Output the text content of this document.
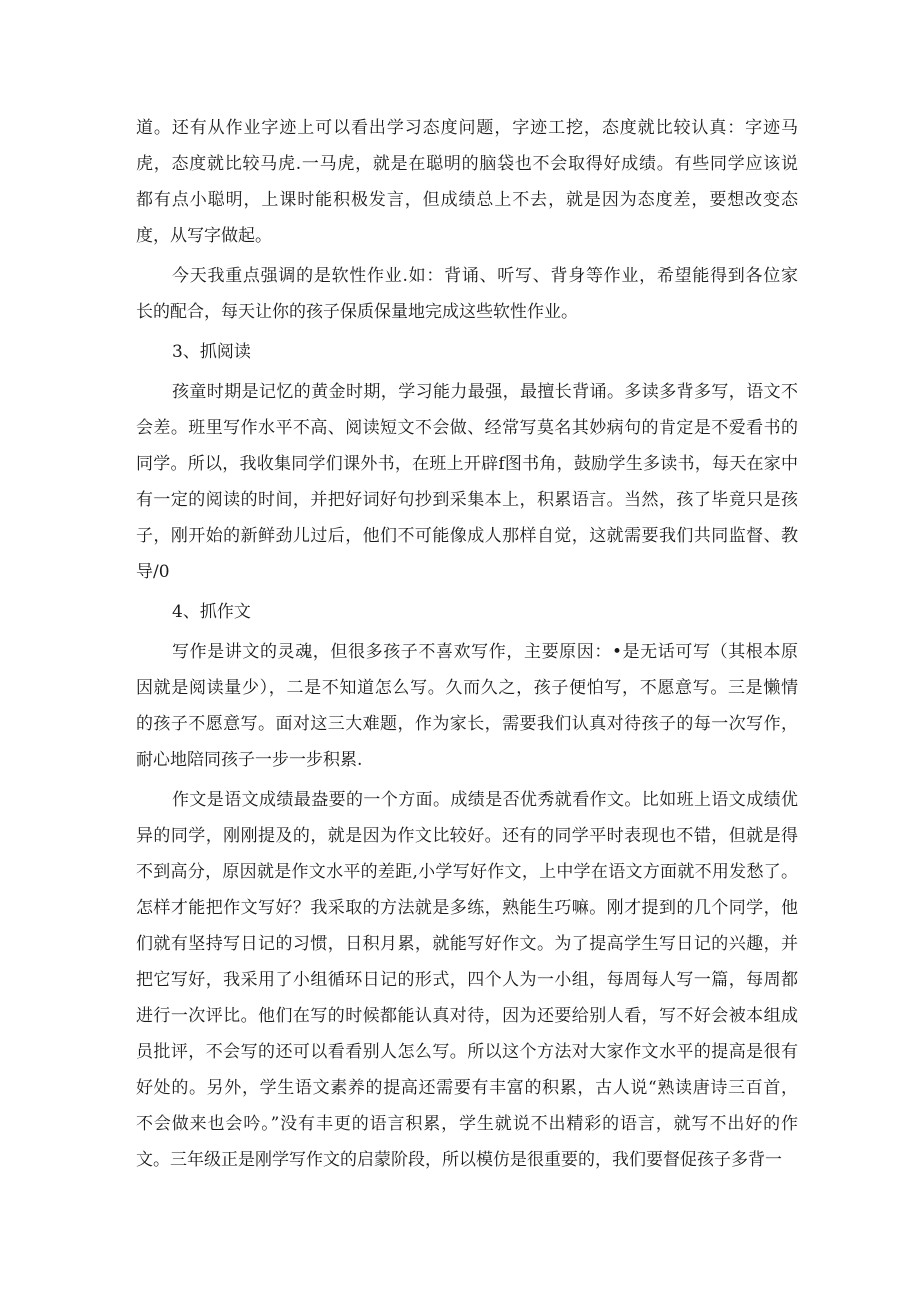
道。还有从作业字迹上可以看出学习态度问题，字迹工挖，态度就比较认真：字迹马
虎，态度就比较马虎.一马虎，就是在聪明的脑袋也不会取得好成绩。有些同学应该说
都有点小聪明，上课时能积极发言，但成绩总上不去，就是因为态度差，要想改变态
度，从写字做起。
今天我重点强调的是软性作业.如：背诵、听写、背身等作业，希望能得到各位家
长的配合，每天让你的孩子保质保量地完成这些软性作业。
3、抓阅读
孩童时期是记忆的黄金时期，学习能力最强，最擅长背诵。多读多背多写，语文不
会差。班里写作水平不高、阅读短文不会做、经常写莫名其妙病句的肯定是不爱看书的
同学。所以，我收集同学们课外书，在班上开辟f图书角，鼓励学生多读书，每天在家中
有一定的阅读的时间，并把好词好句抄到采集本上，积累语言。当然，孩了毕竟只是孩
子，刚开始的新鲜劲儿过后，他们不可能像成人那样自觉，这就需要我们共同监督、教
导/0
4、抓作文
写作是讲文的灵魂，但很多孩子不喜欢写作，主要原因：•是无话可写（其根本原
因就是阅读量少），二是不知道怎么写。久而久之，孩子便怕写，不愿意写。三是懒情
的孩子不愿意写。面对这三大难题，作为家长，需要我们认真对待孩子的每一次写作，
耐心地陪同孩子一步一步积累.
作文是语文成绩最盎要的一个方面。成绩是否优秀就看作文。比如班上语文成绩优
异的同学，刚刚提及的，就是因为作文比较好。还有的同学平时表现也不错，但就是得
不到高分，原因就是作文水平的差距,小学写好作文，上中学在语文方面就不用发愁了。
怎样才能把作文写好？我采取的方法就是多练，熟能生巧嘛。刚才提到的几个同学，他
们就有坚持写日记的习惯，日积月累，就能写好作文。为了提高学生写日记的兴趣，并
把它写好，我采用了小组循环日记的形式，四个人为一小组，每周每人写一篇，每周都
进行一次评比。他们在写的时候都能认真对待，因为还要给别人看，写不好会被本组成
员批评，不会写的还可以看看别人怎么写。所以这个方法对大家作文水平的提高是很有
好处的。另外，学生语文素养的提高还需要有丰富的积累，古人说“熟读唐诗三百首，
不会做来也会吟。”没有丰更的语言积累，学生就说不出精彩的语言，就写不出好的作
文。三年级正是刚学写作文的启蒙阶段，所以模仿是很重要的，我们要督促孩子多背一
